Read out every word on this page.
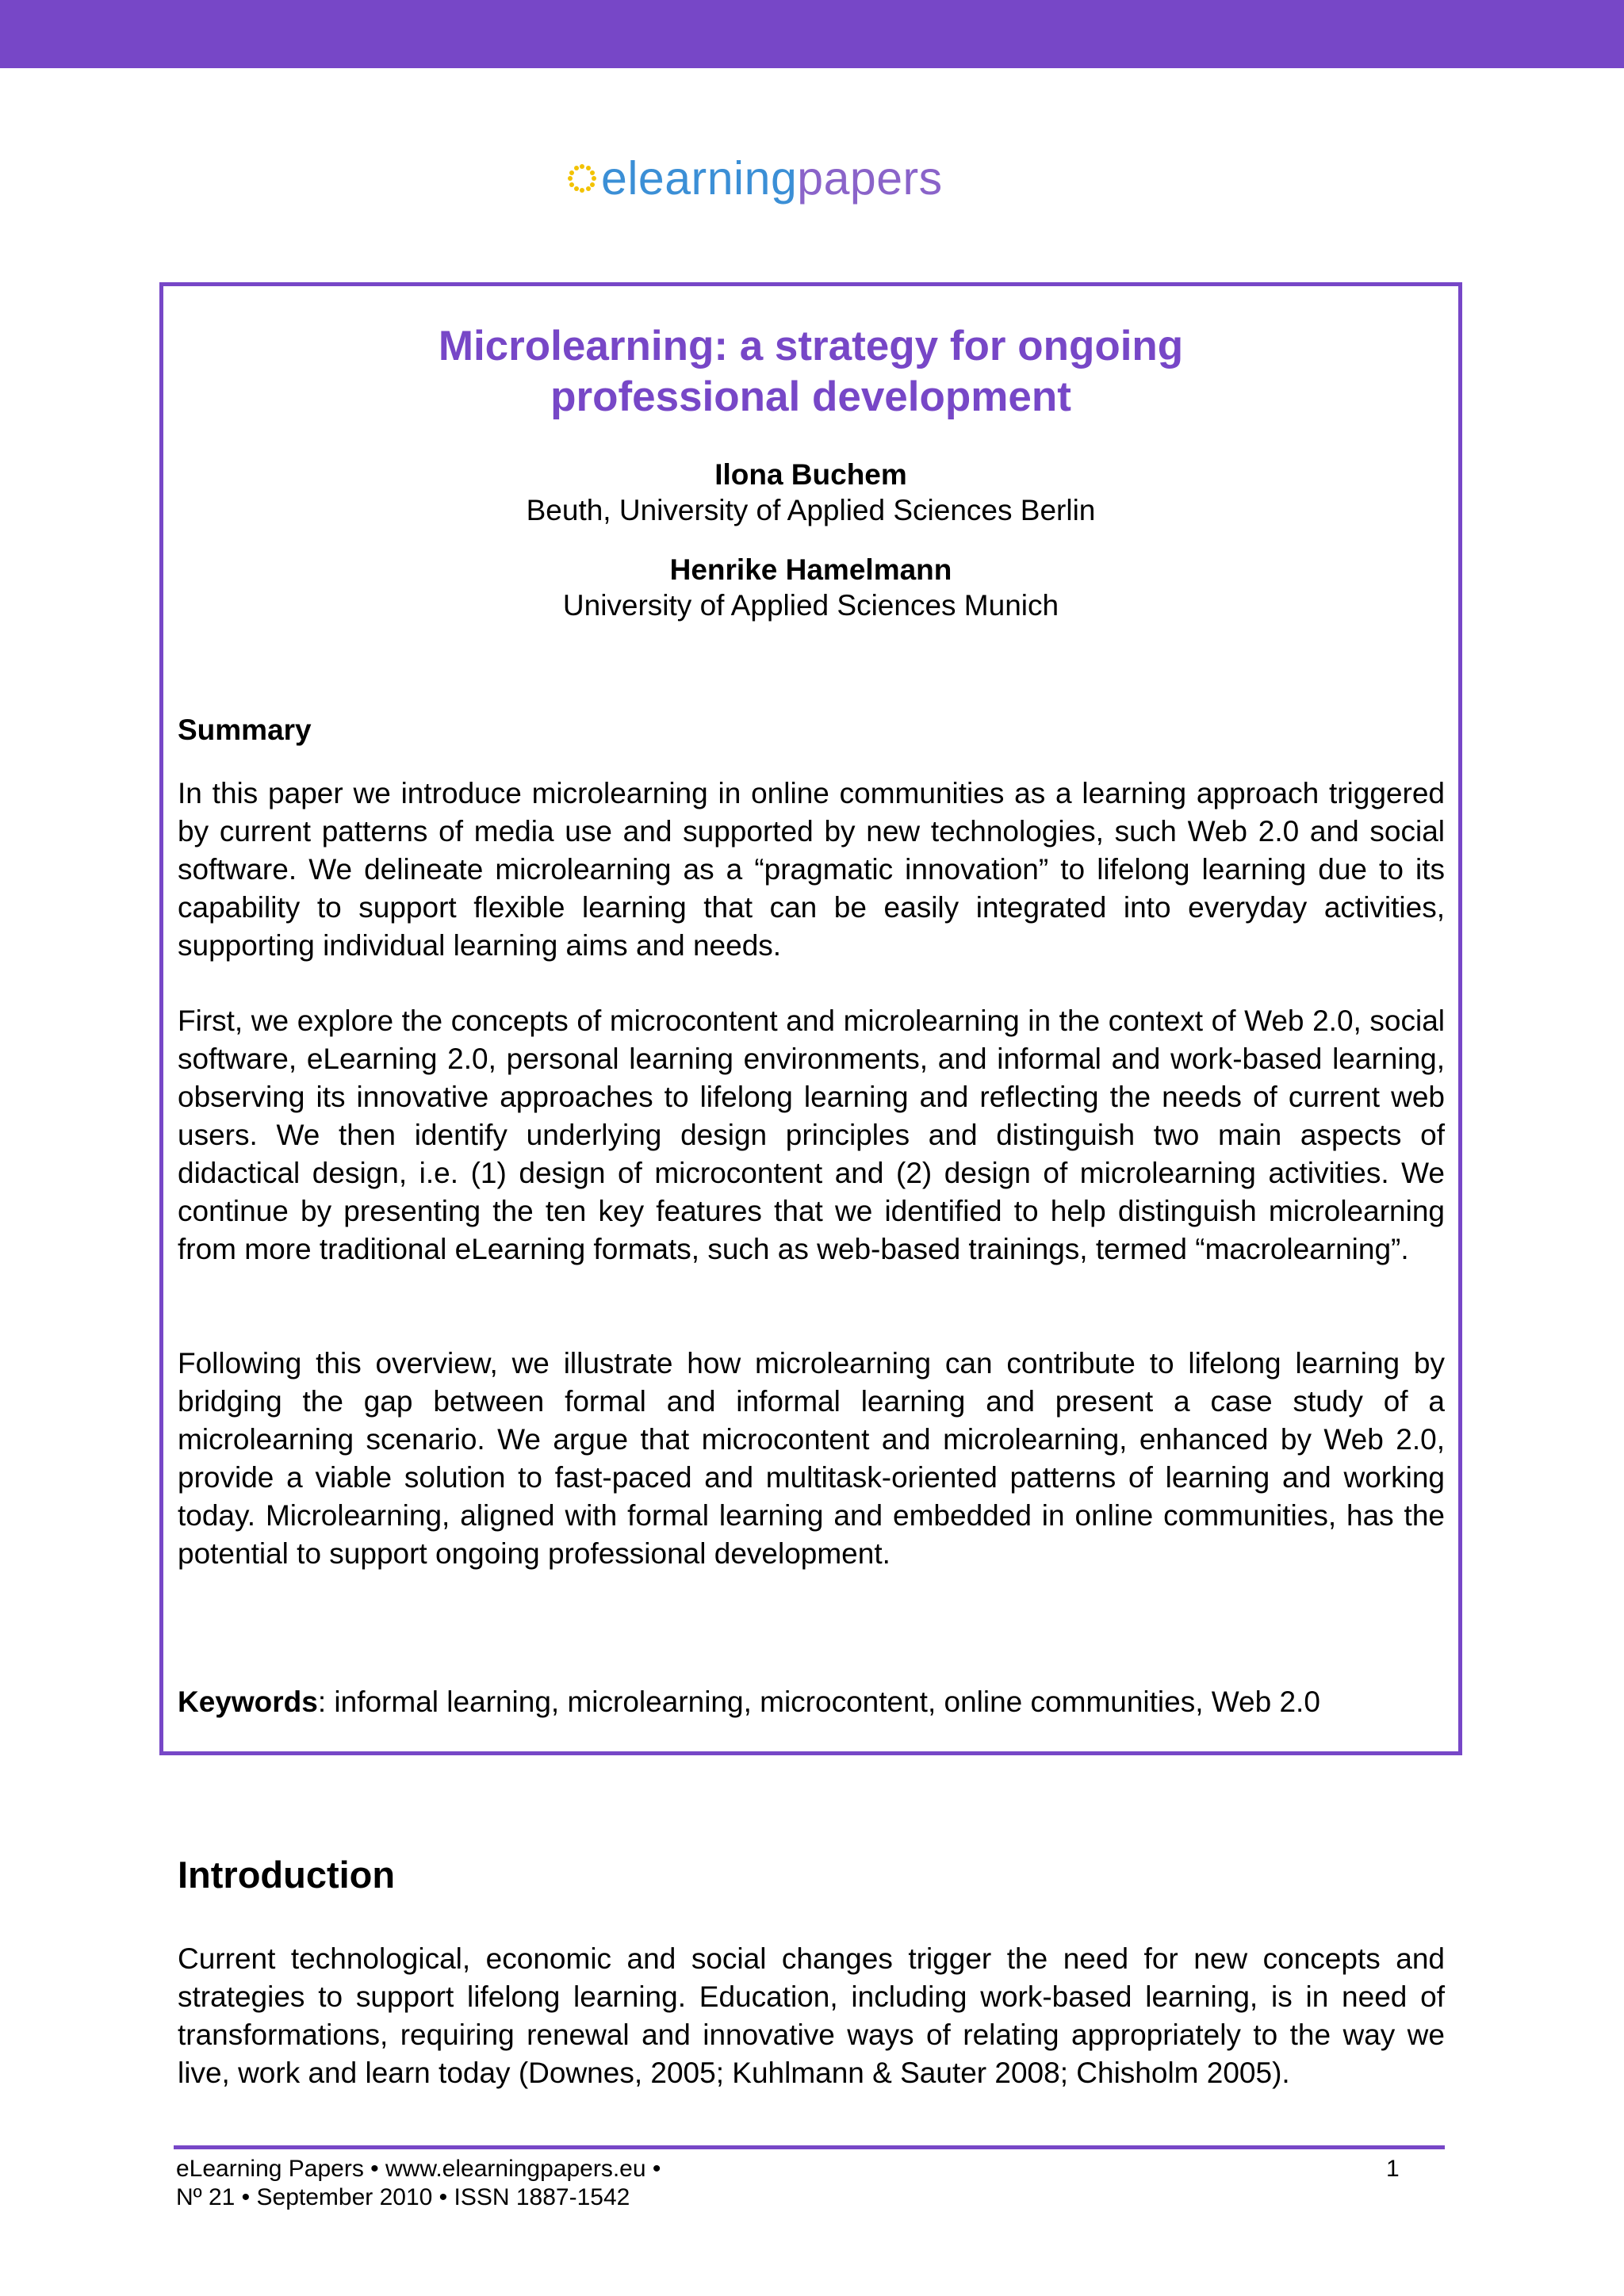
elearningpapers
Microlearning: a strategy for ongoing
professional development
Ilona Buchem
Beuth, University of Applied Sciences Berlin
Henrike Hamelmann
University of Applied Sciences Munich
Summary

In this paper we introduce microlearning in online communities as a learning approach triggered by current patterns of media use and supported by new technologies, such Web 2.0 and social software. We delineate microlearning as a “pragmatic innovation” to lifelong learning due to its capability to support flexible learning that can be easily integrated into everyday activities, supporting individual learning aims and needs.

First, we explore the concepts of microcontent and microlearning in the context of Web 2.0, social software, eLearning 2.0, personal learning environments, and informal and work-based learning, observing its innovative approaches to lifelong learning and reflecting the needs of current web users. We then identify underlying design principles and distinguish two main aspects of didactical design, i.e. (1) design of microcontent and (2) design of microlearning activities. We continue by presenting the ten key features that we identified to help distinguish microlearning from more traditional eLearning formats, such as web-based trainings, termed “macrolearning”.

Following this overview, we illustrate how microlearning can contribute to lifelong learning by bridging the gap between formal and informal learning and present a case study of a microlearning scenario. We argue that microcontent and microlearning, enhanced by Web 2.0, provide a viable solution to fast-paced and multitask-oriented patterns of learning and working today. Microlearning, aligned with formal learning and embedded in online communities, has the potential to support ongoing professional development.

Keywords: informal learning, microlearning, microcontent, online communities, Web 2.0
Introduction

Current technological, economic and social changes trigger the need for new concepts and strategies to support lifelong learning. Education, including work-based learning, is in need of transformations, requiring renewal and innovative ways of relating appropriately to the way we live, work and learn today (Downes, 2005; Kuhlmann & Sauter 2008; Chisholm 2005).

eLearning Papers • www.elearningpapers.eu •
Nº 21 • September 2010 • ISSN 1887-1542
1
